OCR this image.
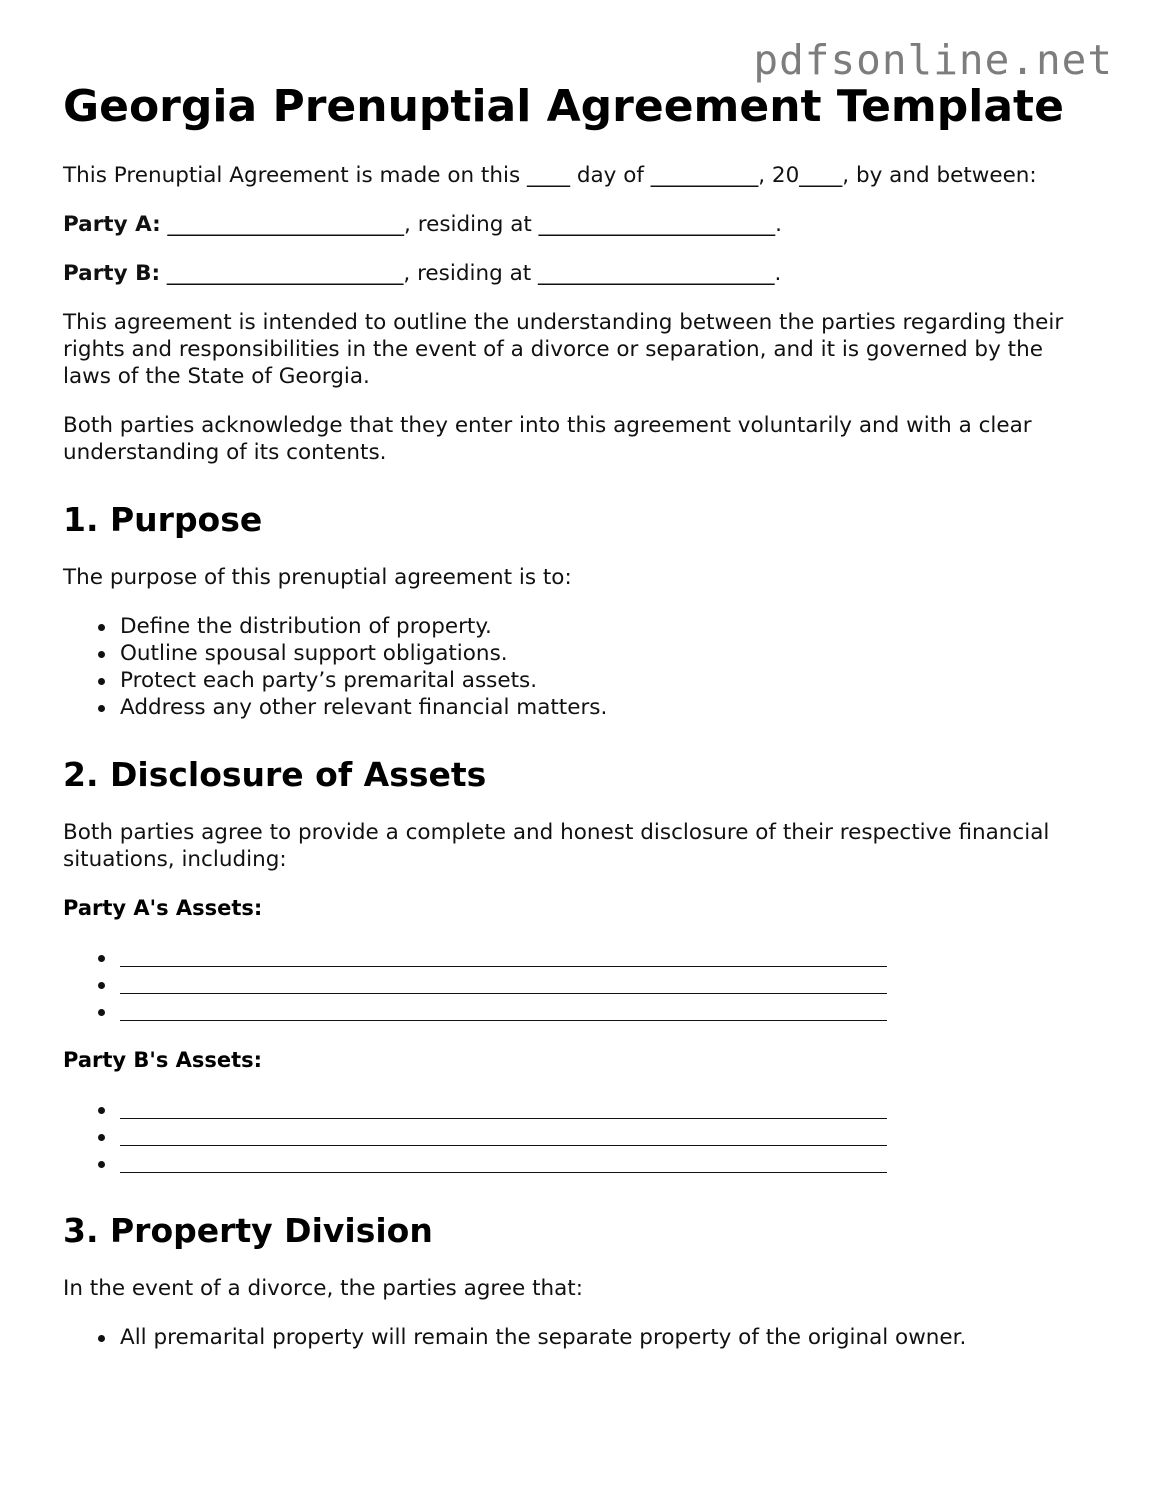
pdfsonline.net
Georgia Prenuptial Agreement Template

This Prenuptial Agreement is made on this ____ day of __________, 20____, by and between:

Party A: ______________________, residing at ______________________.
Party B: ______________________, residing at ______________________.

This agreement is intended to outline the understanding between the parties regarding their rights and responsibilities in the event of a divorce or separation, and it is governed by the laws of the State of Georgia.

Both parties acknowledge that they enter into this agreement voluntarily and with a clear understanding of its contents.

1. Purpose

The purpose of this prenuptial agreement is to:

Define the distribution of property.
Outline spousal support obligations.
Protect each party’s premarital assets.
Address any other relevant financial matters.
2. Disclosure of Assets

Both parties agree to provide a complete and honest disclosure of their respective financial situations, including:

Party A's Assets:
Party B's Assets:
3. Property Division

In the event of a divorce, the parties agree that:

All premarital property will remain the separate property of the original owner.
